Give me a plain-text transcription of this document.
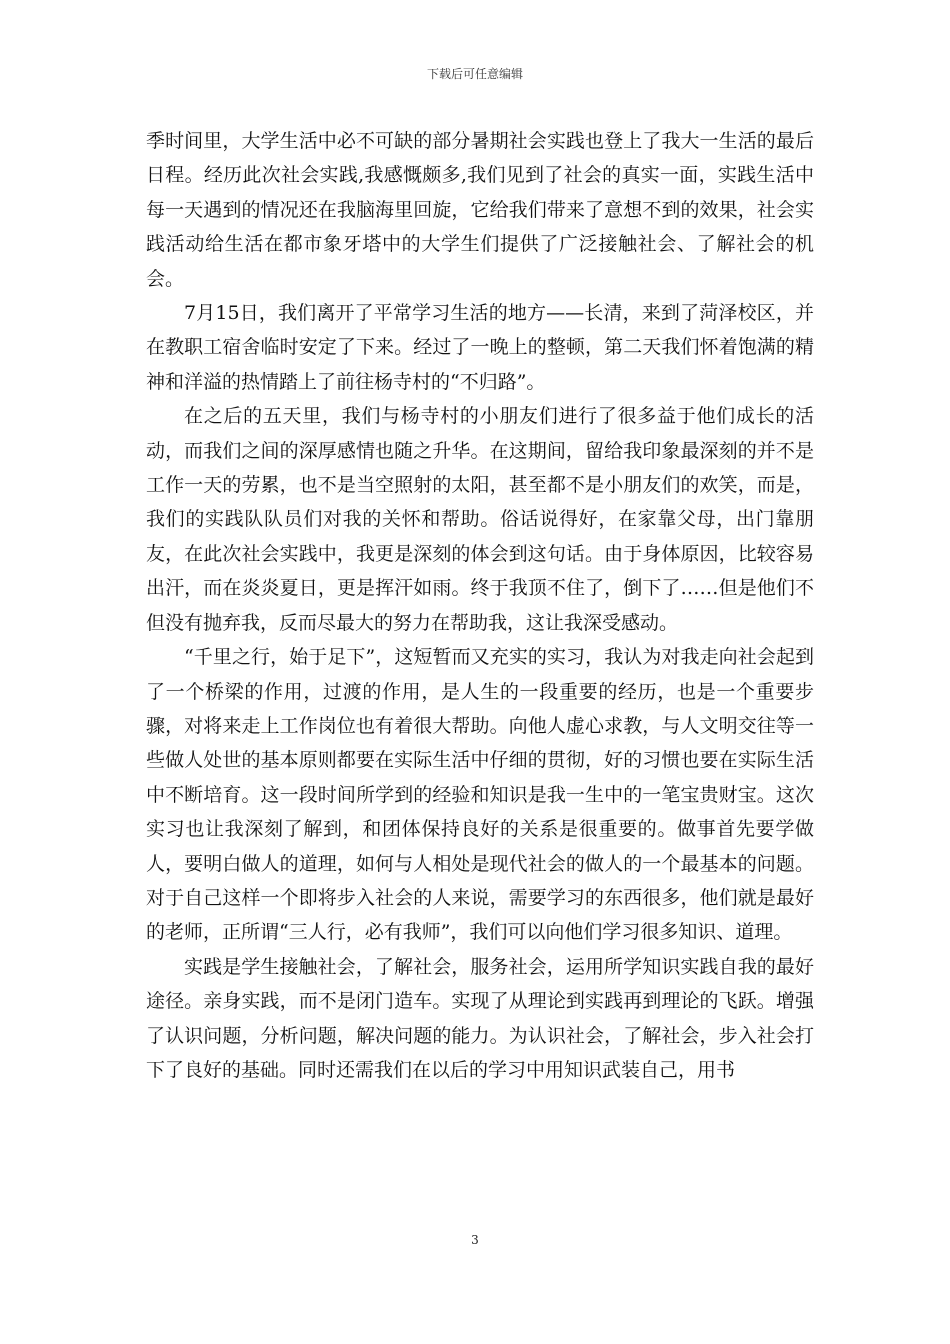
下载后可任意编辑

季时间里，大学生活中必不可缺的部分暑期社会实践也登上了我大一生活的最后日程。经历此次社会实践,我感慨颇多,我们见到了社会的真实一面，实践生活中每一天遇到的情况还在我脑海里回旋，它给我们带来了意想不到的效果，社会实践活动给生活在都市象牙塔中的大学生们提供了广泛接触社会、了解社会的机会。

7月15日，我们离开了平常学习生活的地方——长清，来到了菏泽校区，并在教职工宿舍临时安定了下来。经过了一晚上的整顿，第二天我们怀着饱满的精神和洋溢的热情踏上了前往杨寺村的“不归路”。

在之后的五天里，我们与杨寺村的小朋友们进行了很多益于他们成长的活动，而我们之间的深厚感情也随之升华。在这期间，留给我印象最深刻的并不是工作一天的劳累，也不是当空照射的太阳，甚至都不是小朋友们的欢笑，而是，我们的实践队队员们对我的关怀和帮助。俗话说得好，在家靠父母，出门靠朋友，在此次社会实践中，我更是深刻的体会到这句话。由于身体原因，比较容易出汗，而在炎炎夏日，更是挥汗如雨。终于我顶不住了，倒下了……但是他们不但没有抛弃我，反而尽最大的努力在帮助我，这让我深受感动。

“千里之行，始于足下”，这短暂而又充实的实习，我认为对我走向社会起到了一个桥梁的作用，过渡的作用，是人生的一段重要的经历，也是一个重要步骤，对将来走上工作岗位也有着很大帮助。向他人虚心求教，与人文明交往等一些做人处世的基本原则都要在实际生活中仔细的贯彻，好的习惯也要在实际生活中不断培育。这一段时间所学到的经验和知识是我一生中的一笔宝贵财宝。这次实习也让我深刻了解到，和团体保持良好的关系是很重要的。做事首先要学做人，要明白做人的道理，如何与人相处是现代社会的做人的一个最基本的问题。对于自己这样一个即将步入社会的人来说，需要学习的东西很多，他们就是最好的老师，正所谓“三人行，必有我师”，我们可以向他们学习很多知识、道理。

实践是学生接触社会，了解社会，服务社会，运用所学知识实践自我的最好途径。亲身实践，而不是闭门造车。实现了从理论到实践再到理论的飞跃。增强了认识问题，分析问题，解决问题的能力。为认识社会，了解社会，步入社会打下了良好的基础。同时还需我们在以后的学习中用知识武装自己，用书

3
